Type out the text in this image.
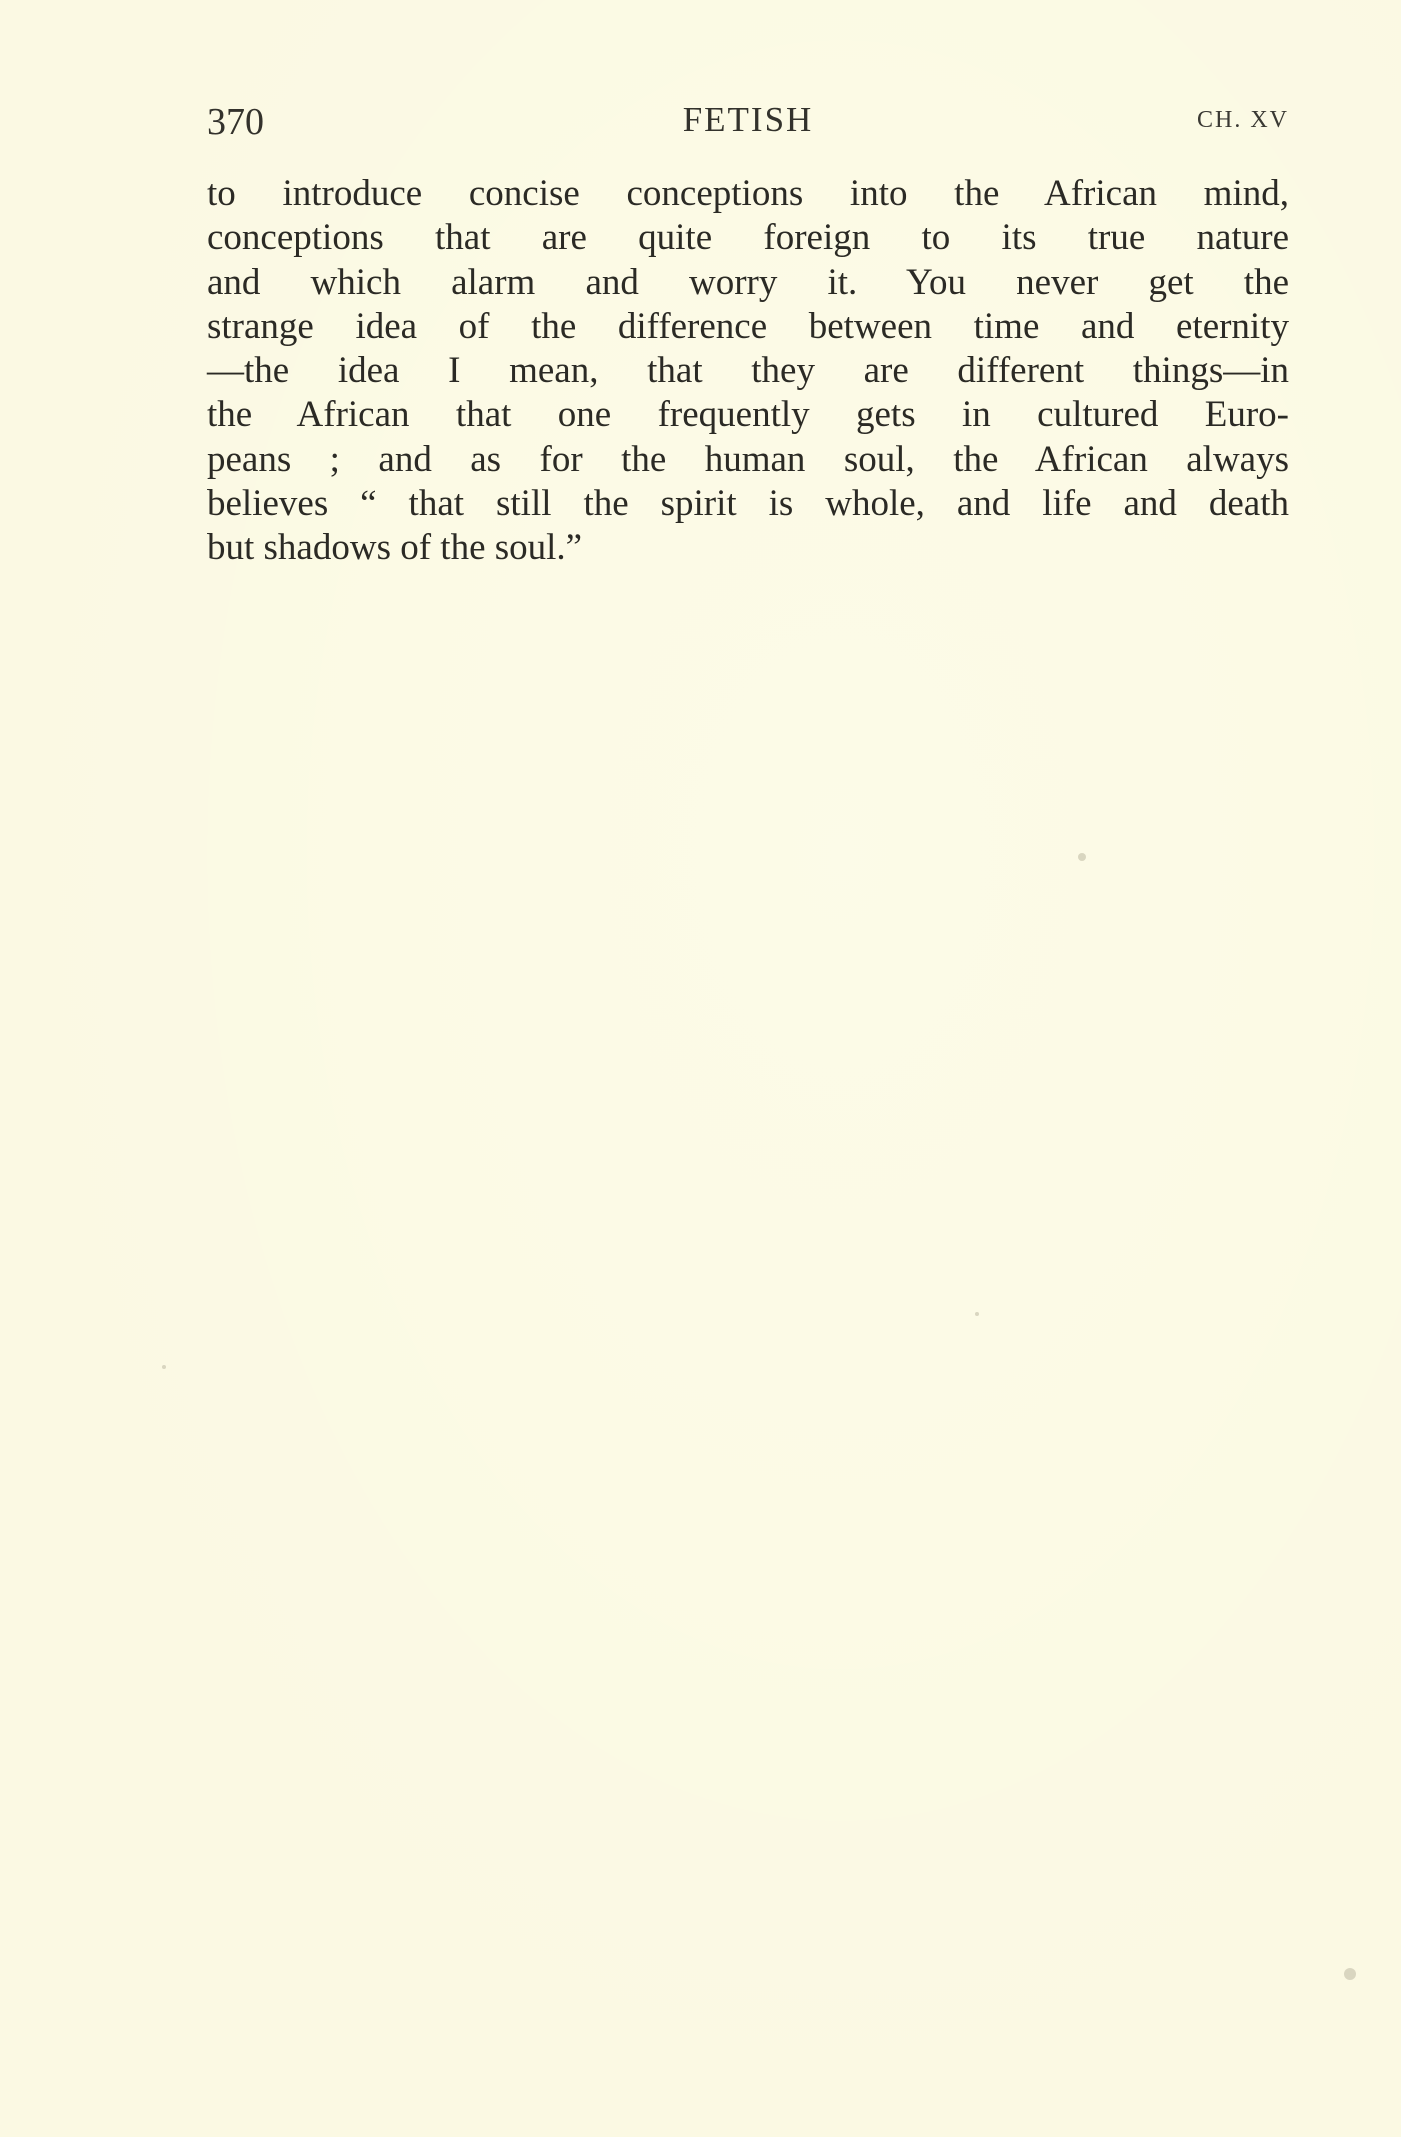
370	FETISH	CH. XV
to introduce concise conceptions into the African mind,
conceptions that are quite foreign to its true nature
and which alarm and worry it. You never get the
strange idea of the difference between time and eternity
—the idea I mean, that they are different things—in
the African that one frequently gets in cultured Euro-
peans ; and as for the human soul, the African always
believes “ that still the spirit is whole, and life and death
but shadows of the soul.”
